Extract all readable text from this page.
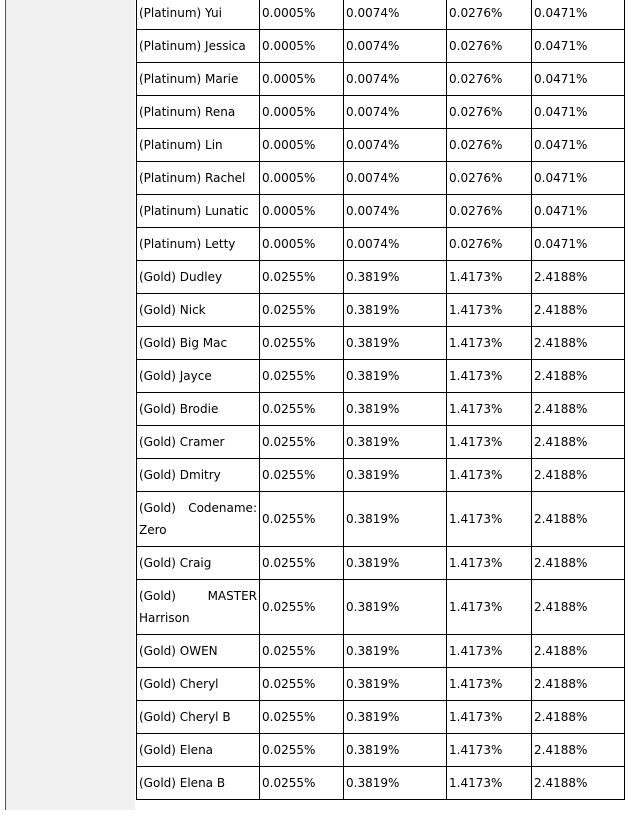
(Platinum) Yui	0.0005%	0.0074%	0.0276%	0.0471%
(Platinum) Jessica	0.0005%	0.0074%	0.0276%	0.0471%
(Platinum) Marie	0.0005%	0.0074%	0.0276%	0.0471%
(Platinum) Rena	0.0005%	0.0074%	0.0276%	0.0471%
(Platinum) Lin	0.0005%	0.0074%	0.0276%	0.0471%
(Platinum) Rachel	0.0005%	0.0074%	0.0276%	0.0471%
(Platinum) Lunatic	0.0005%	0.0074%	0.0276%	0.0471%
(Platinum) Letty	0.0005%	0.0074%	0.0276%	0.0471%
(Gold) Dudley	0.0255%	0.3819%	1.4173%	2.4188%
(Gold) Nick	0.0255%	0.3819%	1.4173%	2.4188%
(Gold) Big Mac	0.0255%	0.3819%	1.4173%	2.4188%
(Gold) Jayce	0.0255%	0.3819%	1.4173%	2.4188%
(Gold) Brodie	0.0255%	0.3819%	1.4173%	2.4188%
(Gold) Cramer	0.0255%	0.3819%	1.4173%	2.4188%
(Gold) Dmitry	0.0255%	0.3819%	1.4173%	2.4188%
(Gold) Codename: Zero	0.0255%	0.3819%	1.4173%	2.4188%
(Gold) Craig	0.0255%	0.3819%	1.4173%	2.4188%
(Gold) MASTER Harrison	0.0255%	0.3819%	1.4173%	2.4188%
(Gold) OWEN	0.0255%	0.3819%	1.4173%	2.4188%
(Gold) Cheryl	0.0255%	0.3819%	1.4173%	2.4188%
(Gold) Cheryl B	0.0255%	0.3819%	1.4173%	2.4188%
(Gold) Elena	0.0255%	0.3819%	1.4173%	2.4188%
(Gold) Elena B	0.0255%	0.3819%	1.4173%	2.4188%
